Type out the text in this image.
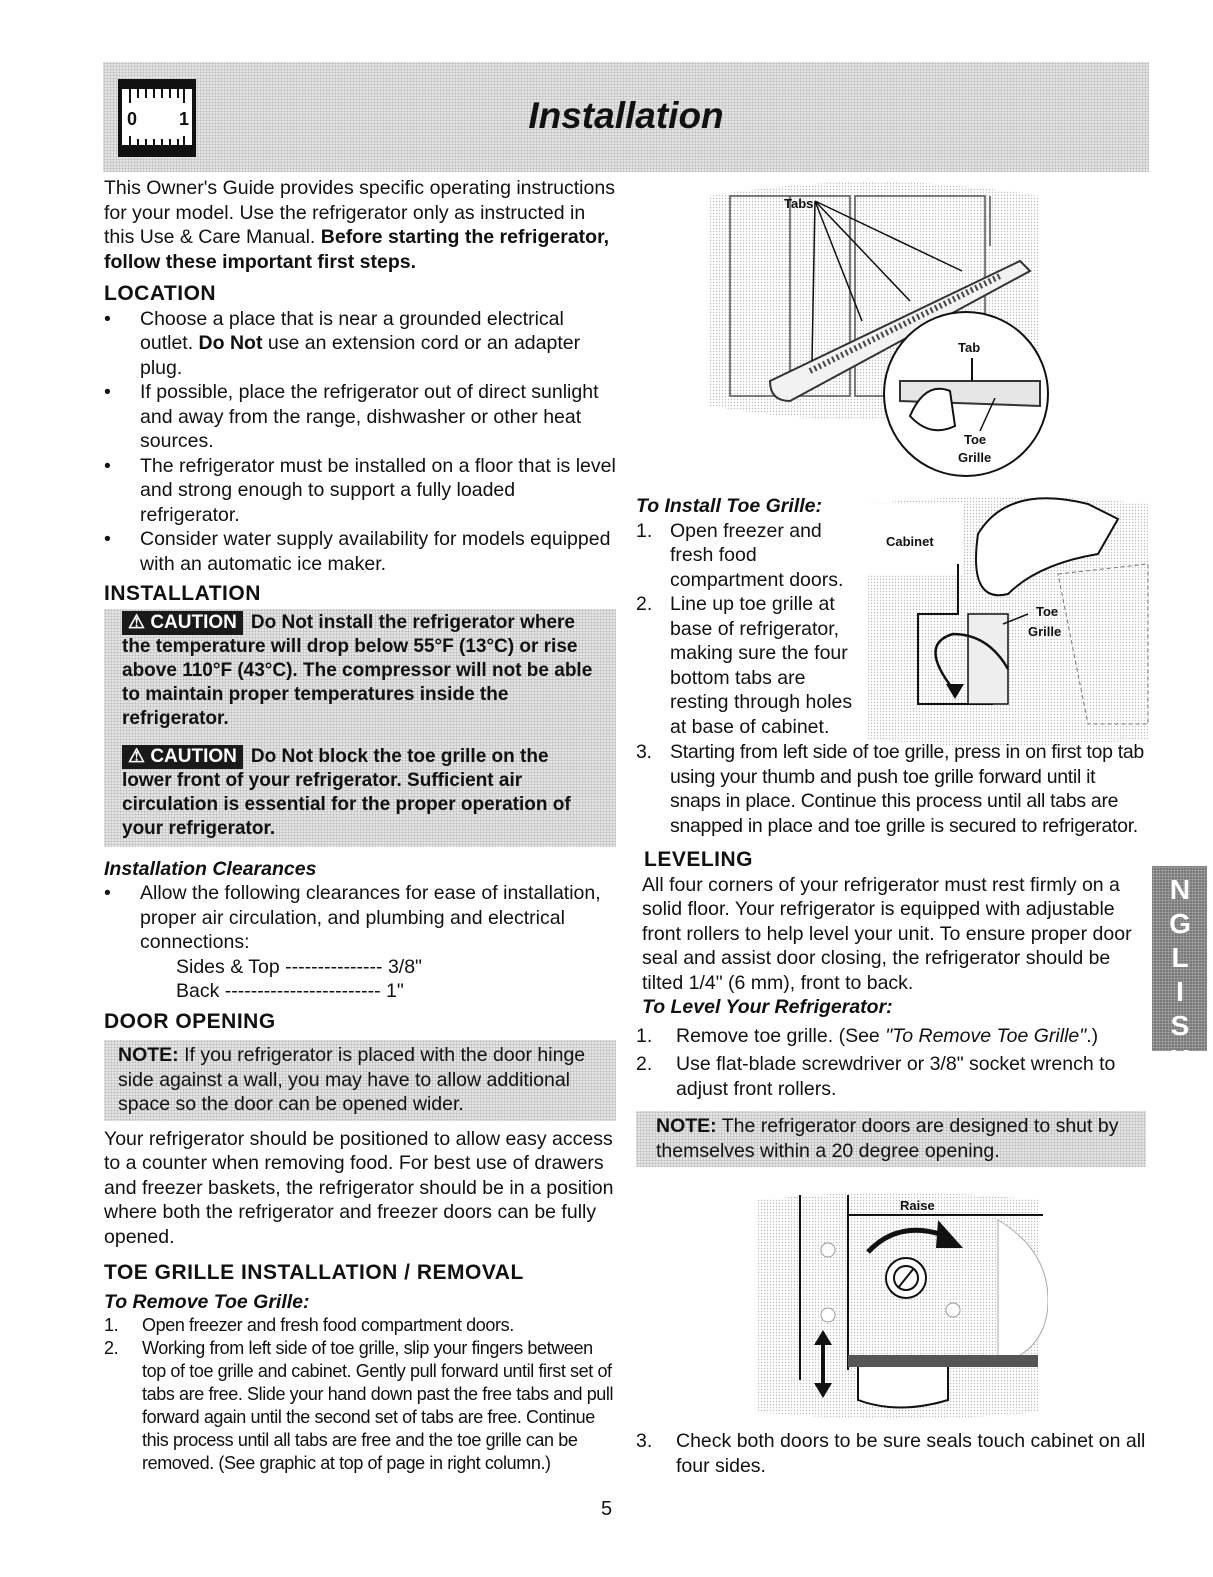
Installation
0 1

This Owner's Guide provides specific operating instructions for your model. Use the refrigerator only as instructed in this Use & Care Manual. Before starting the refrigerator, follow these important first steps.

LOCATION
• Choose a place that is near a grounded electrical outlet. Do Not use an extension cord or an adapter plug.
• If possible, place the refrigerator out of direct sunlight and away from the range, dishwasher or other heat sources.
• The refrigerator must be installed on a floor that is level and strong enough to support a fully loaded refrigerator.
• Consider water supply availability for models equipped with an automatic ice maker.
INSTALLATION
⚠ CAUTION Do Not install the refrigerator where the temperature will drop below 55°F (13°C) or rise above 110°F (43°C). The compressor will not be able to maintain proper temperatures inside the refrigerator.
⚠ CAUTION Do Not block the toe grille on the lower front of your refrigerator. Sufficient air circulation is essential for the proper operation of your refrigerator.

Installation Clearances

• Allow the following clearances for ease of installation, proper air circulation, and plumbing and electrical connections:
Sides & Top --------------- 3/8"
Back ------------------------ 1"
DOOR OPENING
NOTE: If you refrigerator is placed with the door hinge side against a wall, you may have to allow additional space so the door can be opened wider.

Your refrigerator should be positioned to allow easy access to a counter when removing food. For best use of drawers and freezer baskets, the refrigerator should be in a position where both the refrigerator and freezer doors can be fully opened.

TOE GRILLE INSTALLATION / REMOVAL

To Remove Toe Grille:

1. Open freezer and fresh food compartment doors.
2. Working from left side of toe grille, slip your fingers between top of toe grille and cabinet. Gently pull forward until first set of tabs are free. Slide your hand down past the free tabs and pull forward again until the second set of tabs are free. Continue this process until all tabs are free and the toe grille can be removed. (See graphic at top of page in right column.)
Tabs
Tab
Toe
Grille
Cabinet
Toe
Grille

To Install Toe Grille:

1. Open freezer and fresh food compartment doors.
2. Line up toe grille at base of refrigerator, making sure the four bottom tabs are resting through holes at base of cabinet.
3. Starting from left side of toe grille, press in on first top tab using your thumb and push toe grille forward until it snaps in place. Continue this process until all tabs are snapped in place and toe grille is secured to refrigerator.
LEVELING

All four corners of your refrigerator must rest firmly on a solid floor. Your refrigerator is equipped with adjustable front rollers to help level your unit. To ensure proper door seal and assist door closing, the refrigerator should be tilted 1/4" (6 mm), front to back.

To Level Your Refrigerator:

1. Remove toe grille. (See "To Remove Toe Grille".)
2. Use flat-blade screwdriver or 3/8" socket wrench to adjust front rollers.
NOTE: The refrigerator doors are designed to shut by themselves within a 20 degree opening.
3. Check both doors to be sure seals touch cabinet on all four sides.
Raise
ENGLISH
5
